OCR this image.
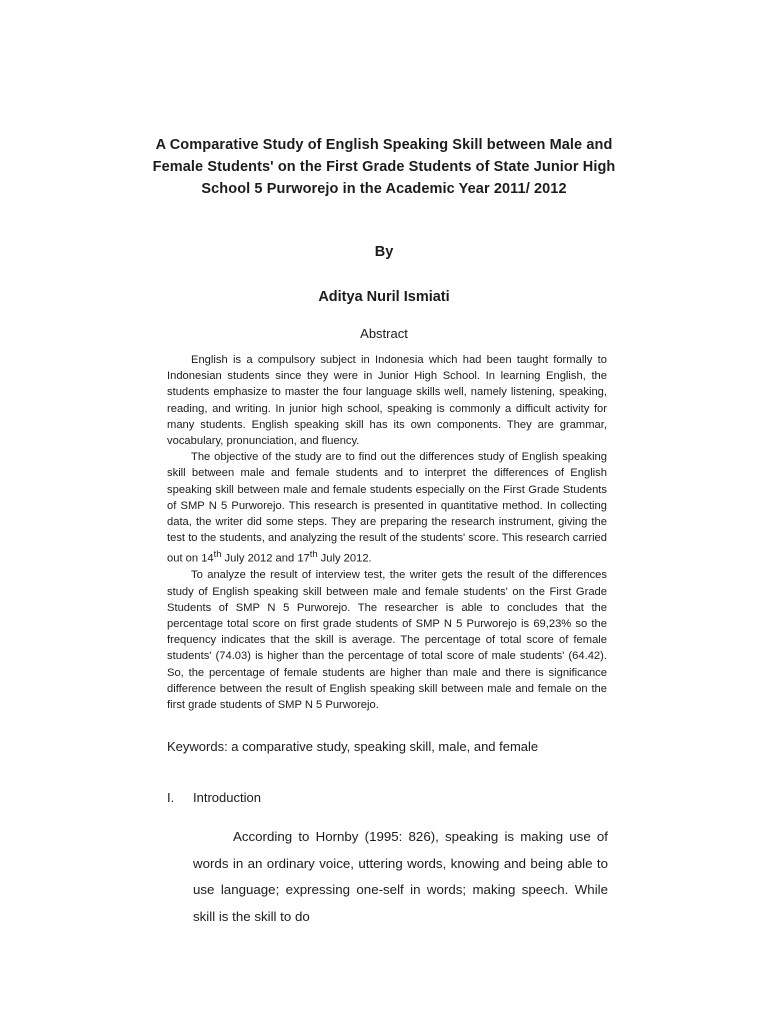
A Comparative Study of English Speaking Skill between Male and
Female Students' on the First Grade Students of State Junior High
School 5 Purworejo in the Academic Year 2011/ 2012
By
Aditya Nuril Ismiati
Abstract

English is a compulsory subject in Indonesia which had been taught formally to Indonesian students since they were in Junior High School. In learning English, the students emphasize to master the four language skills well, namely listening, speaking, reading, and writing. In junior high school, speaking is commonly a difficult activity for many students. English speaking skill has its own components. They are grammar, vocabulary, pronunciation, and fluency.

The objective of the study are to find out the differences study of English speaking skill between male and female students and to interpret the differences of English speaking skill between male and female students especially on the First Grade Students of SMP N 5 Purworejo. This research is presented in quantitative method. In collecting data, the writer did some steps. They are preparing the research instrument, giving the test to the students, and analyzing the result of the students' score. This research carried out on 14th July 2012 and 17th July 2012.

To analyze the result of interview test, the writer gets the result of the differences study of English speaking skill between male and female students' on the First Grade Students of SMP N 5 Purworejo. The researcher is able to concludes that the percentage total score on first grade students of SMP N 5 Purworejo is 69,23% so the frequency indicates that the skill is average. The percentage of total score of female students' (74.03) is higher than the percentage of total score of male students' (64.42). So, the percentage of female students are higher than male and there is significance difference between the result of English speaking skill between male and female on the first grade students of SMP N 5 Purworejo.

Keywords: a comparative study, speaking skill, male, and female
I. Introduction

According to Hornby (1995: 826), speaking is making use of words in an ordinary voice, uttering words, knowing and being able to use language; expressing one-self in words; making speech. While skill is the skill to do
